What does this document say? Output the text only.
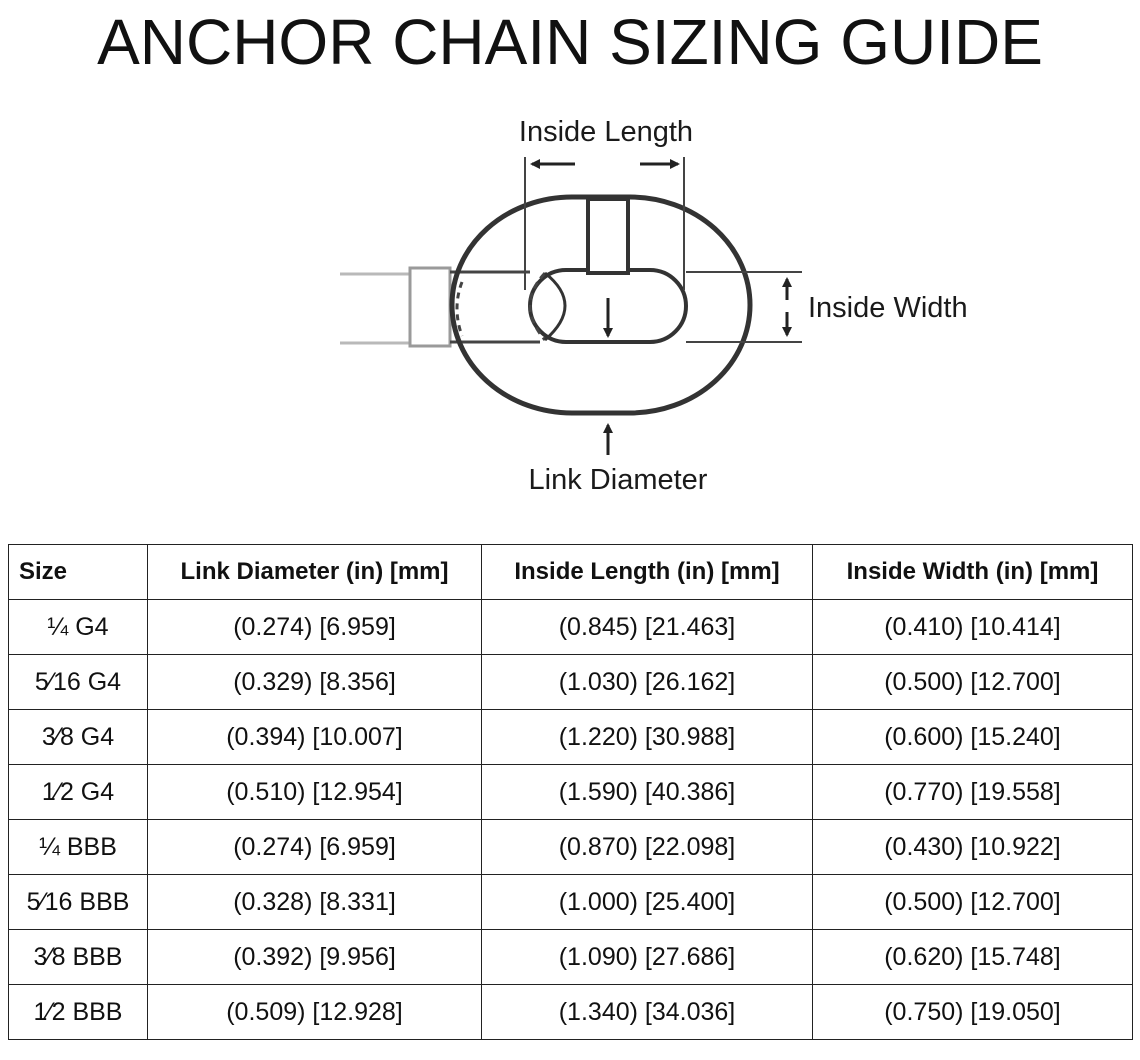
ANCHOR CHAIN SIZING GUIDE
Inside Length
Inside Width
Link Diameter
Size	Link Diameter (in) [mm]	Inside Length (in) [mm]	Inside Width (in) [mm]
¼ G4	(0.274) [6.959]	(0.845) [21.463]	(0.410) [10.414]
5⁄16 G4	(0.329) [8.356]	(1.030) [26.162]	(0.500) [12.700]
3⁄8 G4	(0.394) [10.007]	(1.220) [30.988]	(0.600) [15.240]
1⁄2 G4	(0.510) [12.954]	(1.590) [40.386]	(0.770) [19.558]
¼ BBB	(0.274) [6.959]	(0.870) [22.098]	(0.430) [10.922]
5⁄16 BBB	(0.328) [8.331]	(1.000) [25.400]	(0.500) [12.700]
3⁄8 BBB	(0.392) [9.956]	(1.090) [27.686]	(0.620) [15.748]
1⁄2 BBB	(0.509) [12.928]	(1.340) [34.036]	(0.750) [19.050]
